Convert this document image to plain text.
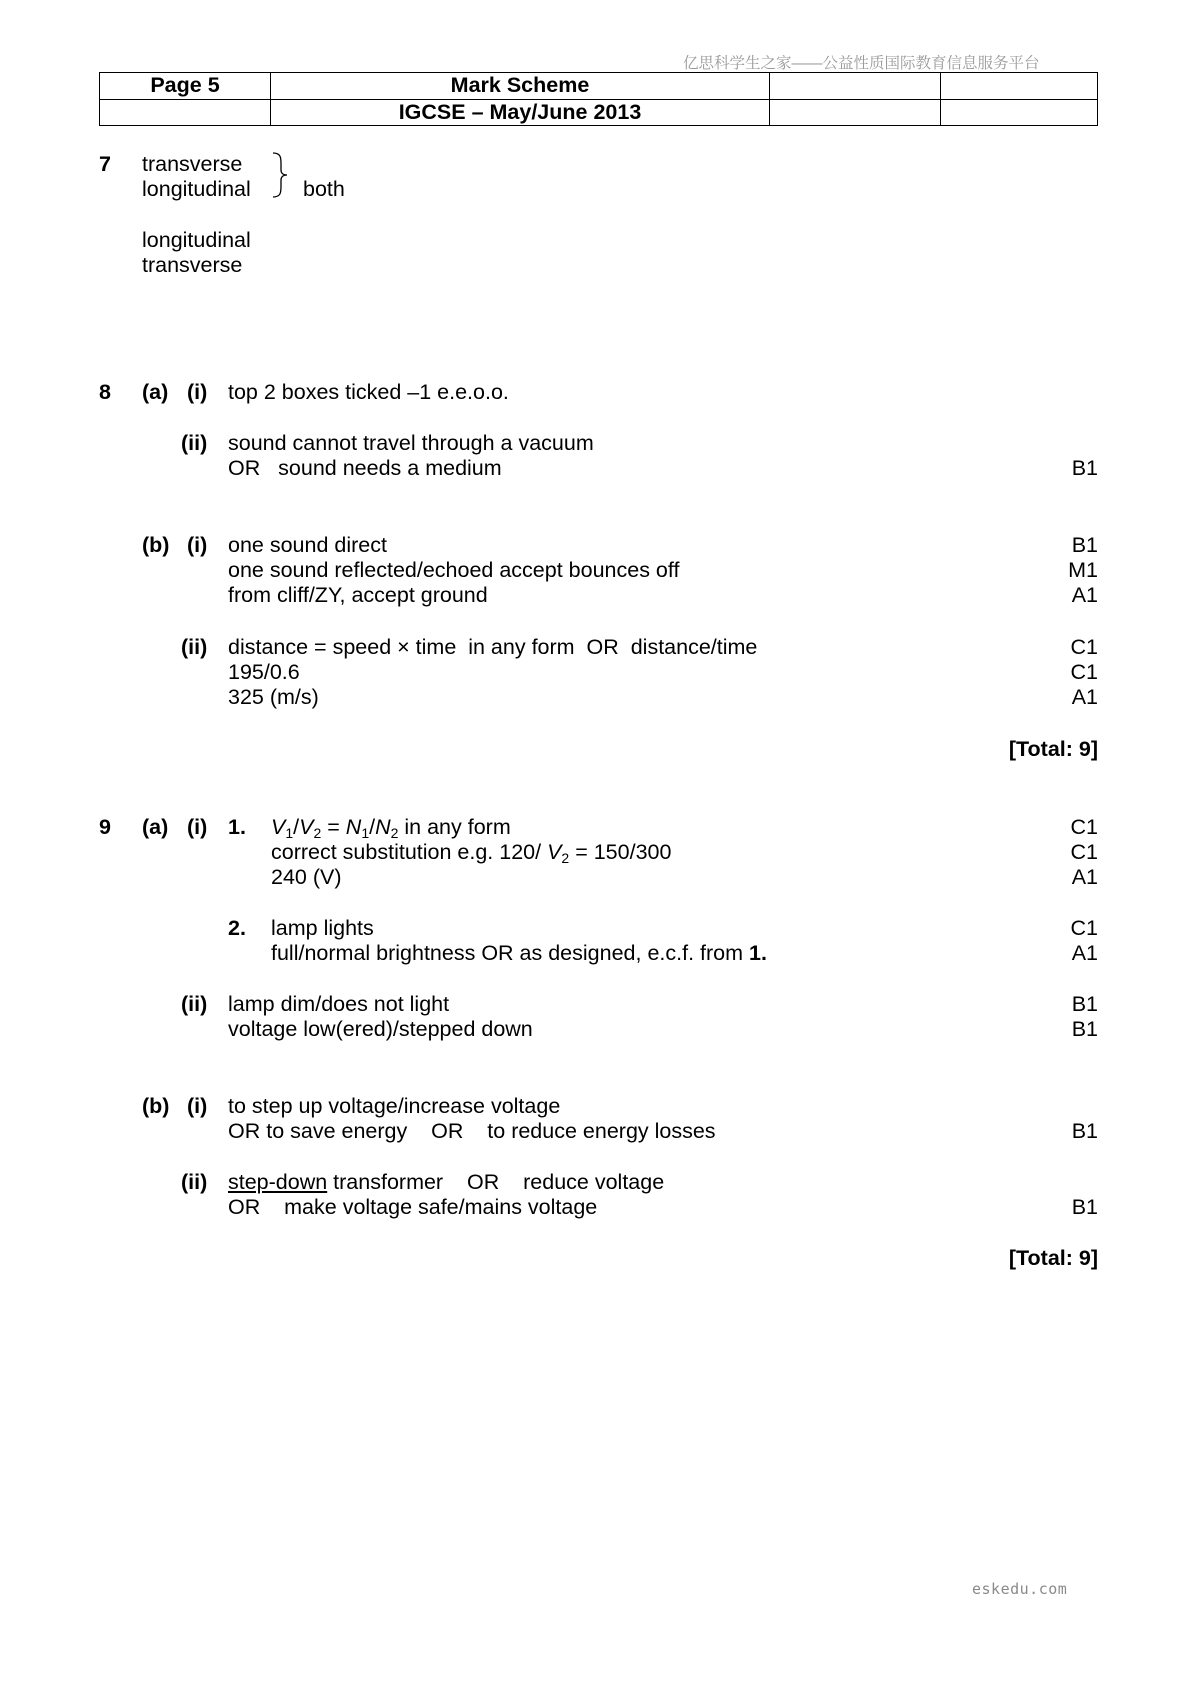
亿思科学生之家——公益性质国际教育信息服务平台
Page 5	Mark Scheme		
	IGCSE – May/June 2013		
7 transverse
longitudinal both
longitudinal
transverse
8 (a) (i) top 2 boxes ticked –1 e.e.o.o.
(ii) sound cannot travel through a vacuum
OR   sound needs a medium	B1
(b) (i) one sound direct	B1
one sound reflected/echoed accept bounces off	M1
from cliff/ZY, accept ground	A1
(ii) distance = speed × time  in any form  OR  distance/time	C1
195/0.6	C1
325 (m/s)	A1
[Total: 9]
9 (a) (i) 1. $V_1/V_2 = N_1/N_2$ in any form	C1
correct substitution e.g. 120/ $V_2 = 150/300$	C1
240 (V)	A1
2. lamp lights	C1
full/normal brightness OR as designed, e.c.f. from 1.	A1
(ii) lamp dim/does not light	B1
voltage low(ered)/stepped down	B1
(b) (i) to step up voltage/increase voltage
OR to save energy    OR    to reduce energy losses	B1
(ii) step-down transformer    OR    reduce voltage
OR    make voltage safe/mains voltage	B1
[Total: 9]
eskedu.com
